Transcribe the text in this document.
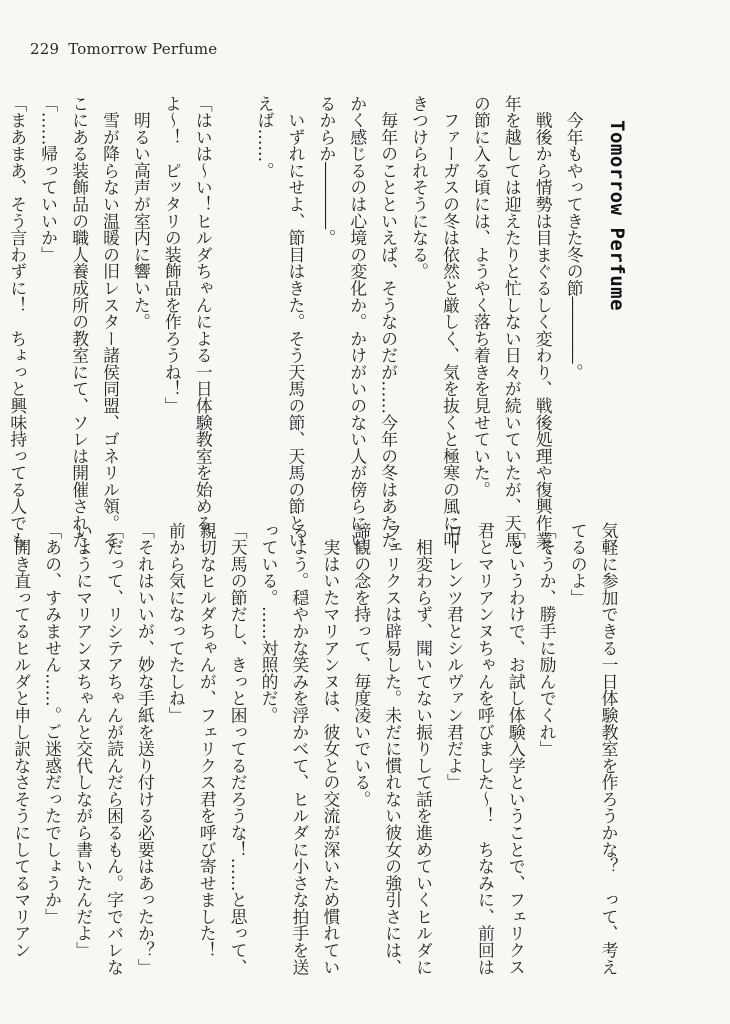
229 Tomorrow Perfume
Tomorrow Perfume

　今年もやってきた冬の節――――。
　戦後から情勢は目まぐるしく変わり、戦後処理や復興作業、
年を越しては迎えたりと忙しない日々が続いていたが、天馬
の節に入る頃には、ようやく落ち着きを見せていた。
　ファーガスの冬は依然と厳しく、気を抜くと極寒の風に叩
きつけられそうになる。
　毎年のことといえば、そうなのだが……今年の冬はあたた
かく感じるのは心境の変化か。かけがいのない人が傍らにい
るからか――――。
　いずれにせよ、節目はきた。そう天馬の節、天馬の節とい
えば……。

「はいは～い！ヒルダちゃんによる一日体験教室を始める
よ～！　ピッタリの装飾品を作ろうね！」
　明るい高声が室内に響いた。
　雪が降らない温暖の旧レスター諸侯同盟、ゴネリル領。そ
こにある装飾品の職人養成所の教室にて、ソレは開催された。
「……帰っていいか」
「まあまあ、そう言わずに！　ちょっと興味持ってる人でも
気軽に参加できる一日体験教室を作ろうかな？　って、考え
てるのよ」
「そうか、勝手に励んでくれ」
「というわけで、お試し体験入学ということで、フェリクス
君とマリアンヌちゃんを呼びました～！　ちなみに、前回は
ローレンツ君とシルヴァン君だよ」
　相変わらず、聞いてない振りして話を進めていくヒルダに
フェリクスは辟易した。未だに慣れない彼女の強引さには、
諦観の念を持って、毎度凌いでいる。
　実はいたマリアンヌは、彼女との交流が深いため慣れてい
るよう。穏やかな笑みを浮かべて、ヒルダに小さな拍手を送
っている。……対照的だ。
「天馬の節だし、きっと困ってるだろうな！……と思って、
親切なヒルダちゃんが、フェリクス君を呼び寄せました！
前から気になってたしね」
「それはいいが、妙な手紙を送り付ける必要はあったか？」
「だって、リシテアちゃんが読んだら困るもん。字でバレな
いようにマリアンヌちゃんと交代しながら書いたんだよ」
「あの、すみません……。ご迷惑だったでしょうか」
　開き直ってるヒルダと申し訳なさそうにしてるマリアン
